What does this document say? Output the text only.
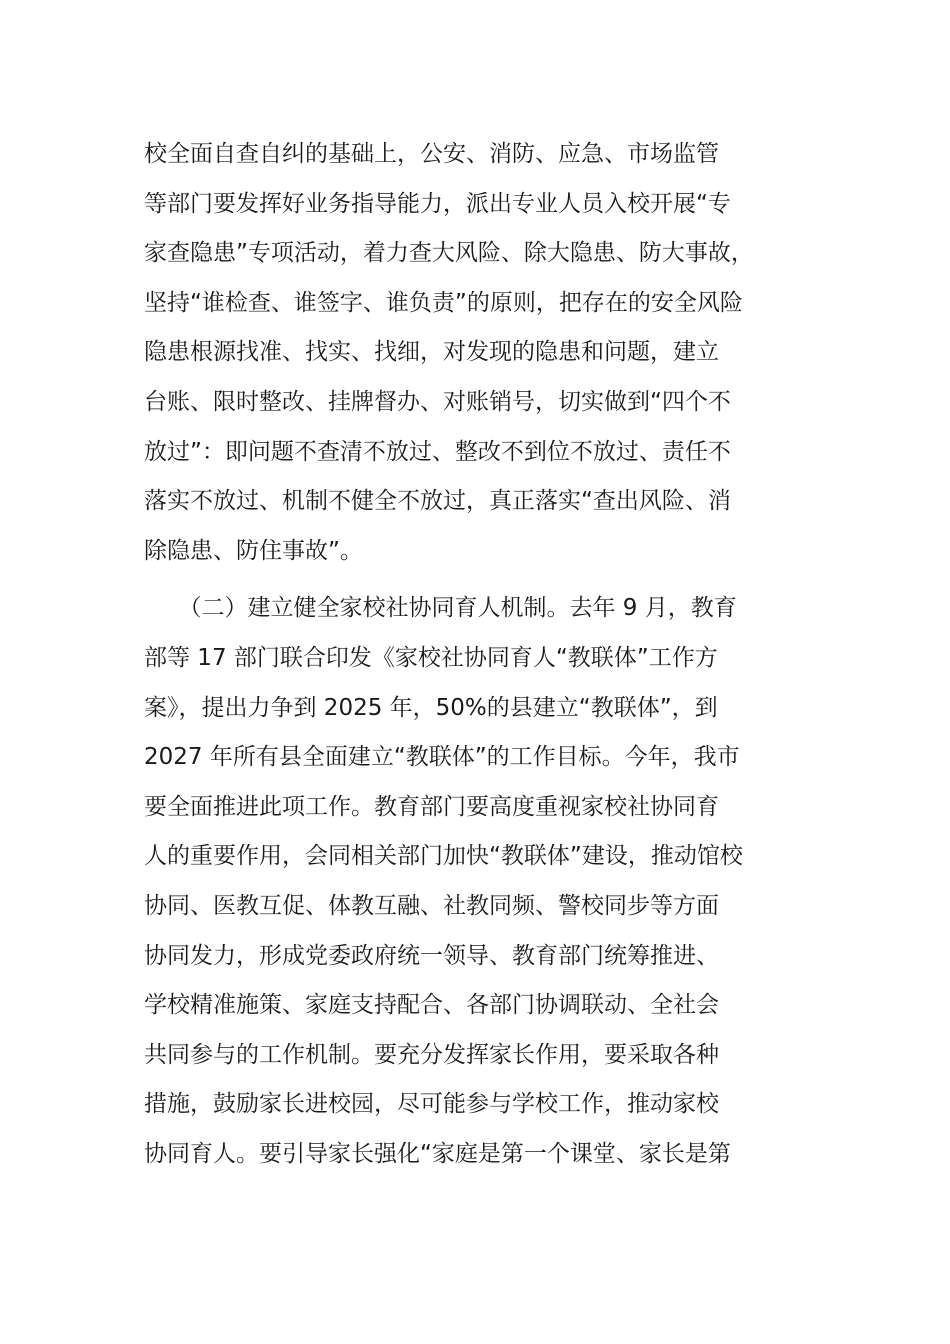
校全面自查自纠的基础上，公安、消防、应急、市场监管
等部门要发挥好业务指导能力，派出专业人员入校开展“专
家查隐患”专项活动，着力查大风险、除大隐患、防大事故，
坚持“谁检查、谁签字、谁负责”的原则，把存在的安全风险
隐患根源找准、找实、找细，对发现的隐患和问题，建立
台账、限时整改、挂牌督办、对账销号，切实做到“四个不
放过”：即问题不查清不放过、整改不到位不放过、责任不
落实不放过、机制不健全不放过，真正落实“查出风险、消
除隐患、防住事故”。
　　（二）建立健全家校社协同育人机制。去年 9 月，教育
部等 17 部门联合印发《家校社协同育人“教联体”工作方
案》，提出力争到 2025 年，50%的县建立“教联体”，到
2027 年所有县全面建立“教联体”的工作目标。今年，我市
要全面推进此项工作。教育部门要高度重视家校社协同育
人的重要作用，会同相关部门加快“教联体”建设，推动馆校
协同、医教互促、体教互融、社教同频、警校同步等方面
协同发力，形成党委政府统一领导、教育部门统筹推进、
学校精准施策、家庭支持配合、各部门协调联动、全社会
共同参与的工作机制。要充分发挥家长作用，要采取各种
措施，鼓励家长进校园，尽可能参与学校工作，推动家校
协同育人。要引导家长强化“家庭是第一个课堂、家长是第
